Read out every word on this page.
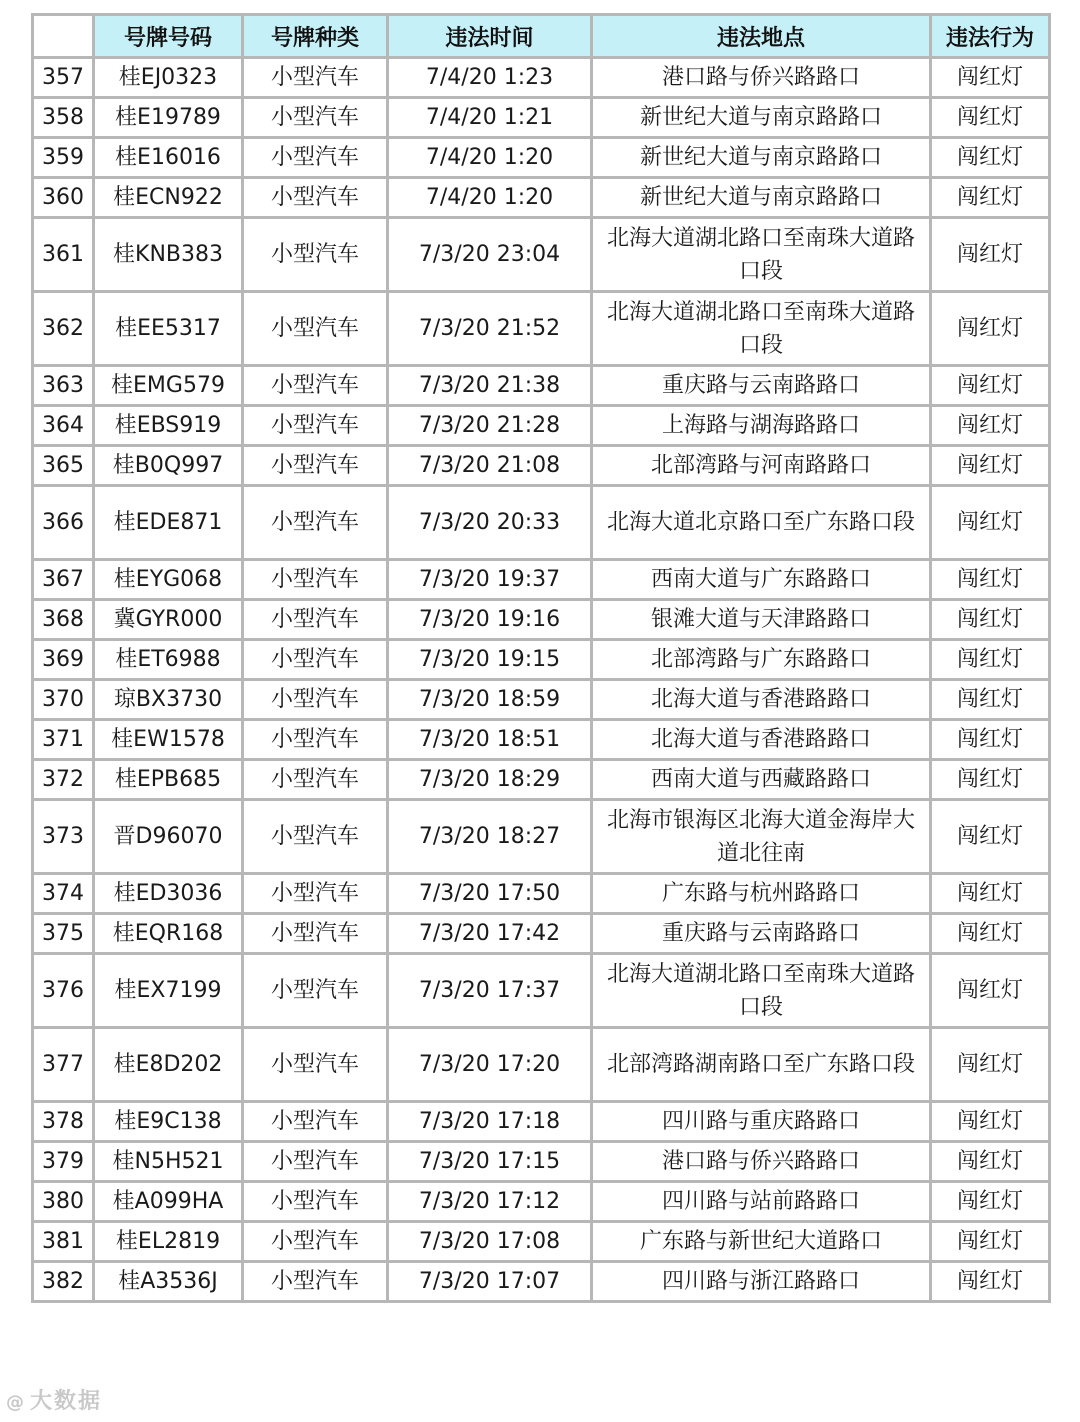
	号牌号码	号牌种类	违法时间	违法地点	违法行为
357	桂EJ0323	小型汽车	7/4/20 1:23	港口路与侨兴路路口	闯红灯
358	桂E19789	小型汽车	7/4/20 1:21	新世纪大道与南京路路口	闯红灯
359	桂E16016	小型汽车	7/4/20 1:20	新世纪大道与南京路路口	闯红灯
360	桂ECN922	小型汽车	7/4/20 1:20	新世纪大道与南京路路口	闯红灯
361	桂KNB383	小型汽车	7/3/20 23:04	北海大道湖北路口至南珠大道路口段	闯红灯
362	桂EE5317	小型汽车	7/3/20 21:52	北海大道湖北路口至南珠大道路口段	闯红灯
363	桂EMG579	小型汽车	7/3/20 21:38	重庆路与云南路路口	闯红灯
364	桂EBS919	小型汽车	7/3/20 21:28	上海路与湖海路路口	闯红灯
365	桂B0Q997	小型汽车	7/3/20 21:08	北部湾路与河南路路口	闯红灯
366	桂EDE871	小型汽车	7/3/20 20:33	北海大道北京路口至广东路口段	闯红灯
367	桂EYG068	小型汽车	7/3/20 19:37	西南大道与广东路路口	闯红灯
368	冀GYR000	小型汽车	7/3/20 19:16	银滩大道与天津路路口	闯红灯
369	桂ET6988	小型汽车	7/3/20 19:15	北部湾路与广东路路口	闯红灯
370	琼BX3730	小型汽车	7/3/20 18:59	北海大道与香港路路口	闯红灯
371	桂EW1578	小型汽车	7/3/20 18:51	北海大道与香港路路口	闯红灯
372	桂EPB685	小型汽车	7/3/20 18:29	西南大道与西藏路路口	闯红灯
373	晋D96070	小型汽车	7/3/20 18:27	北海市银海区北海大道金海岸大道北往南	闯红灯
374	桂ED3036	小型汽车	7/3/20 17:50	广东路与杭州路路口	闯红灯
375	桂EQR168	小型汽车	7/3/20 17:42	重庆路与云南路路口	闯红灯
376	桂EX7199	小型汽车	7/3/20 17:37	北海大道湖北路口至南珠大道路口段	闯红灯
377	桂E8D202	小型汽车	7/3/20 17:20	北部湾路湖南路口至广东路口段	闯红灯
378	桂E9C138	小型汽车	7/3/20 17:18	四川路与重庆路路口	闯红灯
379	桂N5H521	小型汽车	7/3/20 17:15	港口路与侨兴路路口	闯红灯
380	桂A099HA	小型汽车	7/3/20 17:12	四川路与站前路路口	闯红灯
381	桂EL2819	小型汽车	7/3/20 17:08	广东路与新世纪大道路口	闯红灯
382	桂A3536J	小型汽车	7/3/20 17:07	四川路与浙江路路口	闯红灯
@ 大数据
